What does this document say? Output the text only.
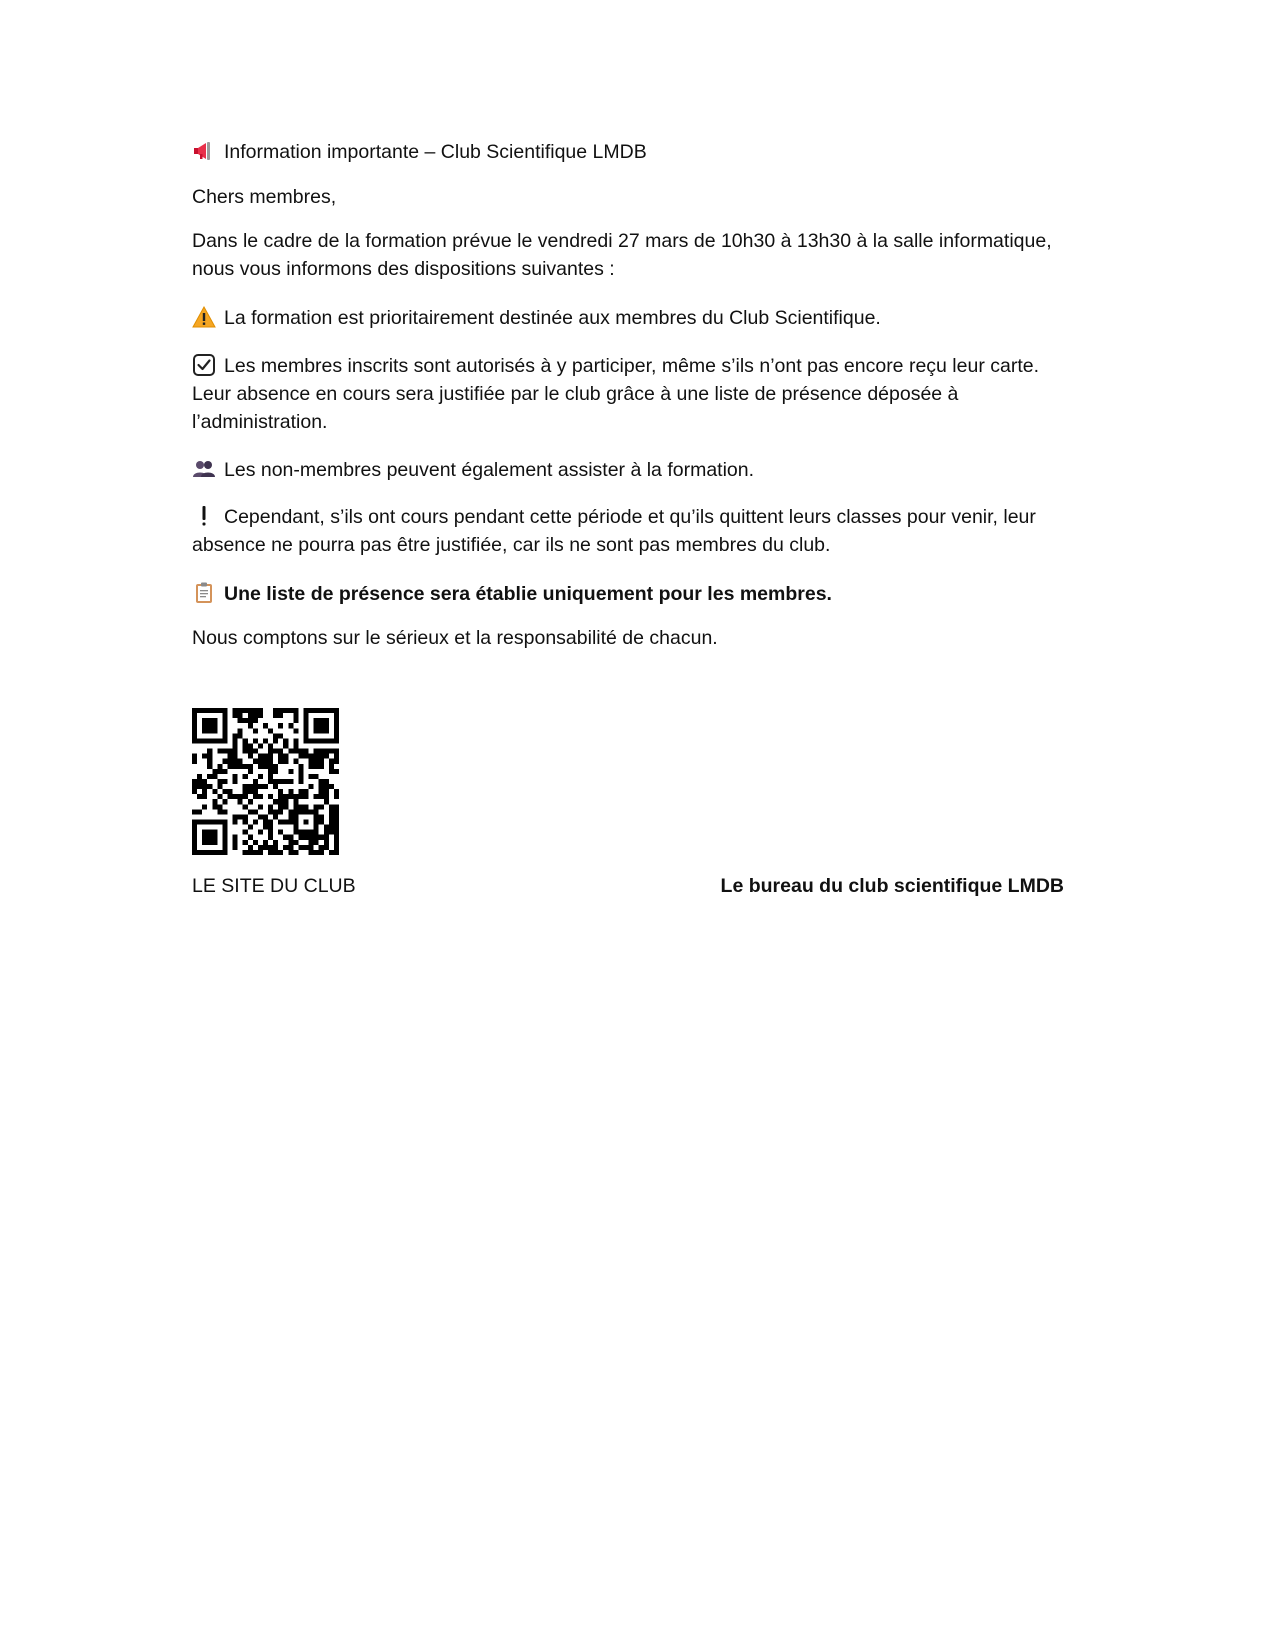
Information importante – Club Scientifique LMDB

Chers membres,

Dans le cadre de la formation prévue le vendredi 27 mars de 10h30 à 13h30 à la salle informatique, nous vous informons des dispositions suivantes :

La formation est prioritairement destinée aux membres du Club Scientifique.

Les membres inscrits sont autorisés à y participer, même s’ils n’ont pas encore reçu leur carte. Leur absence en cours sera justifiée par le club grâce à une liste de présence déposée à l’administration.

Les non-membres peuvent également assister à la formation.

Cependant, s’ils ont cours pendant cette période et qu’ils quittent leurs classes pour venir, leur absence ne pourra pas être justifiée, car ils ne sont pas membres du club.

Une liste de présence sera établie uniquement pour les membres.

Nous comptons sur le sérieux et la responsabilité de chacun.

LE SITE DU CLUB	Le bureau du club scientifique LMDB
